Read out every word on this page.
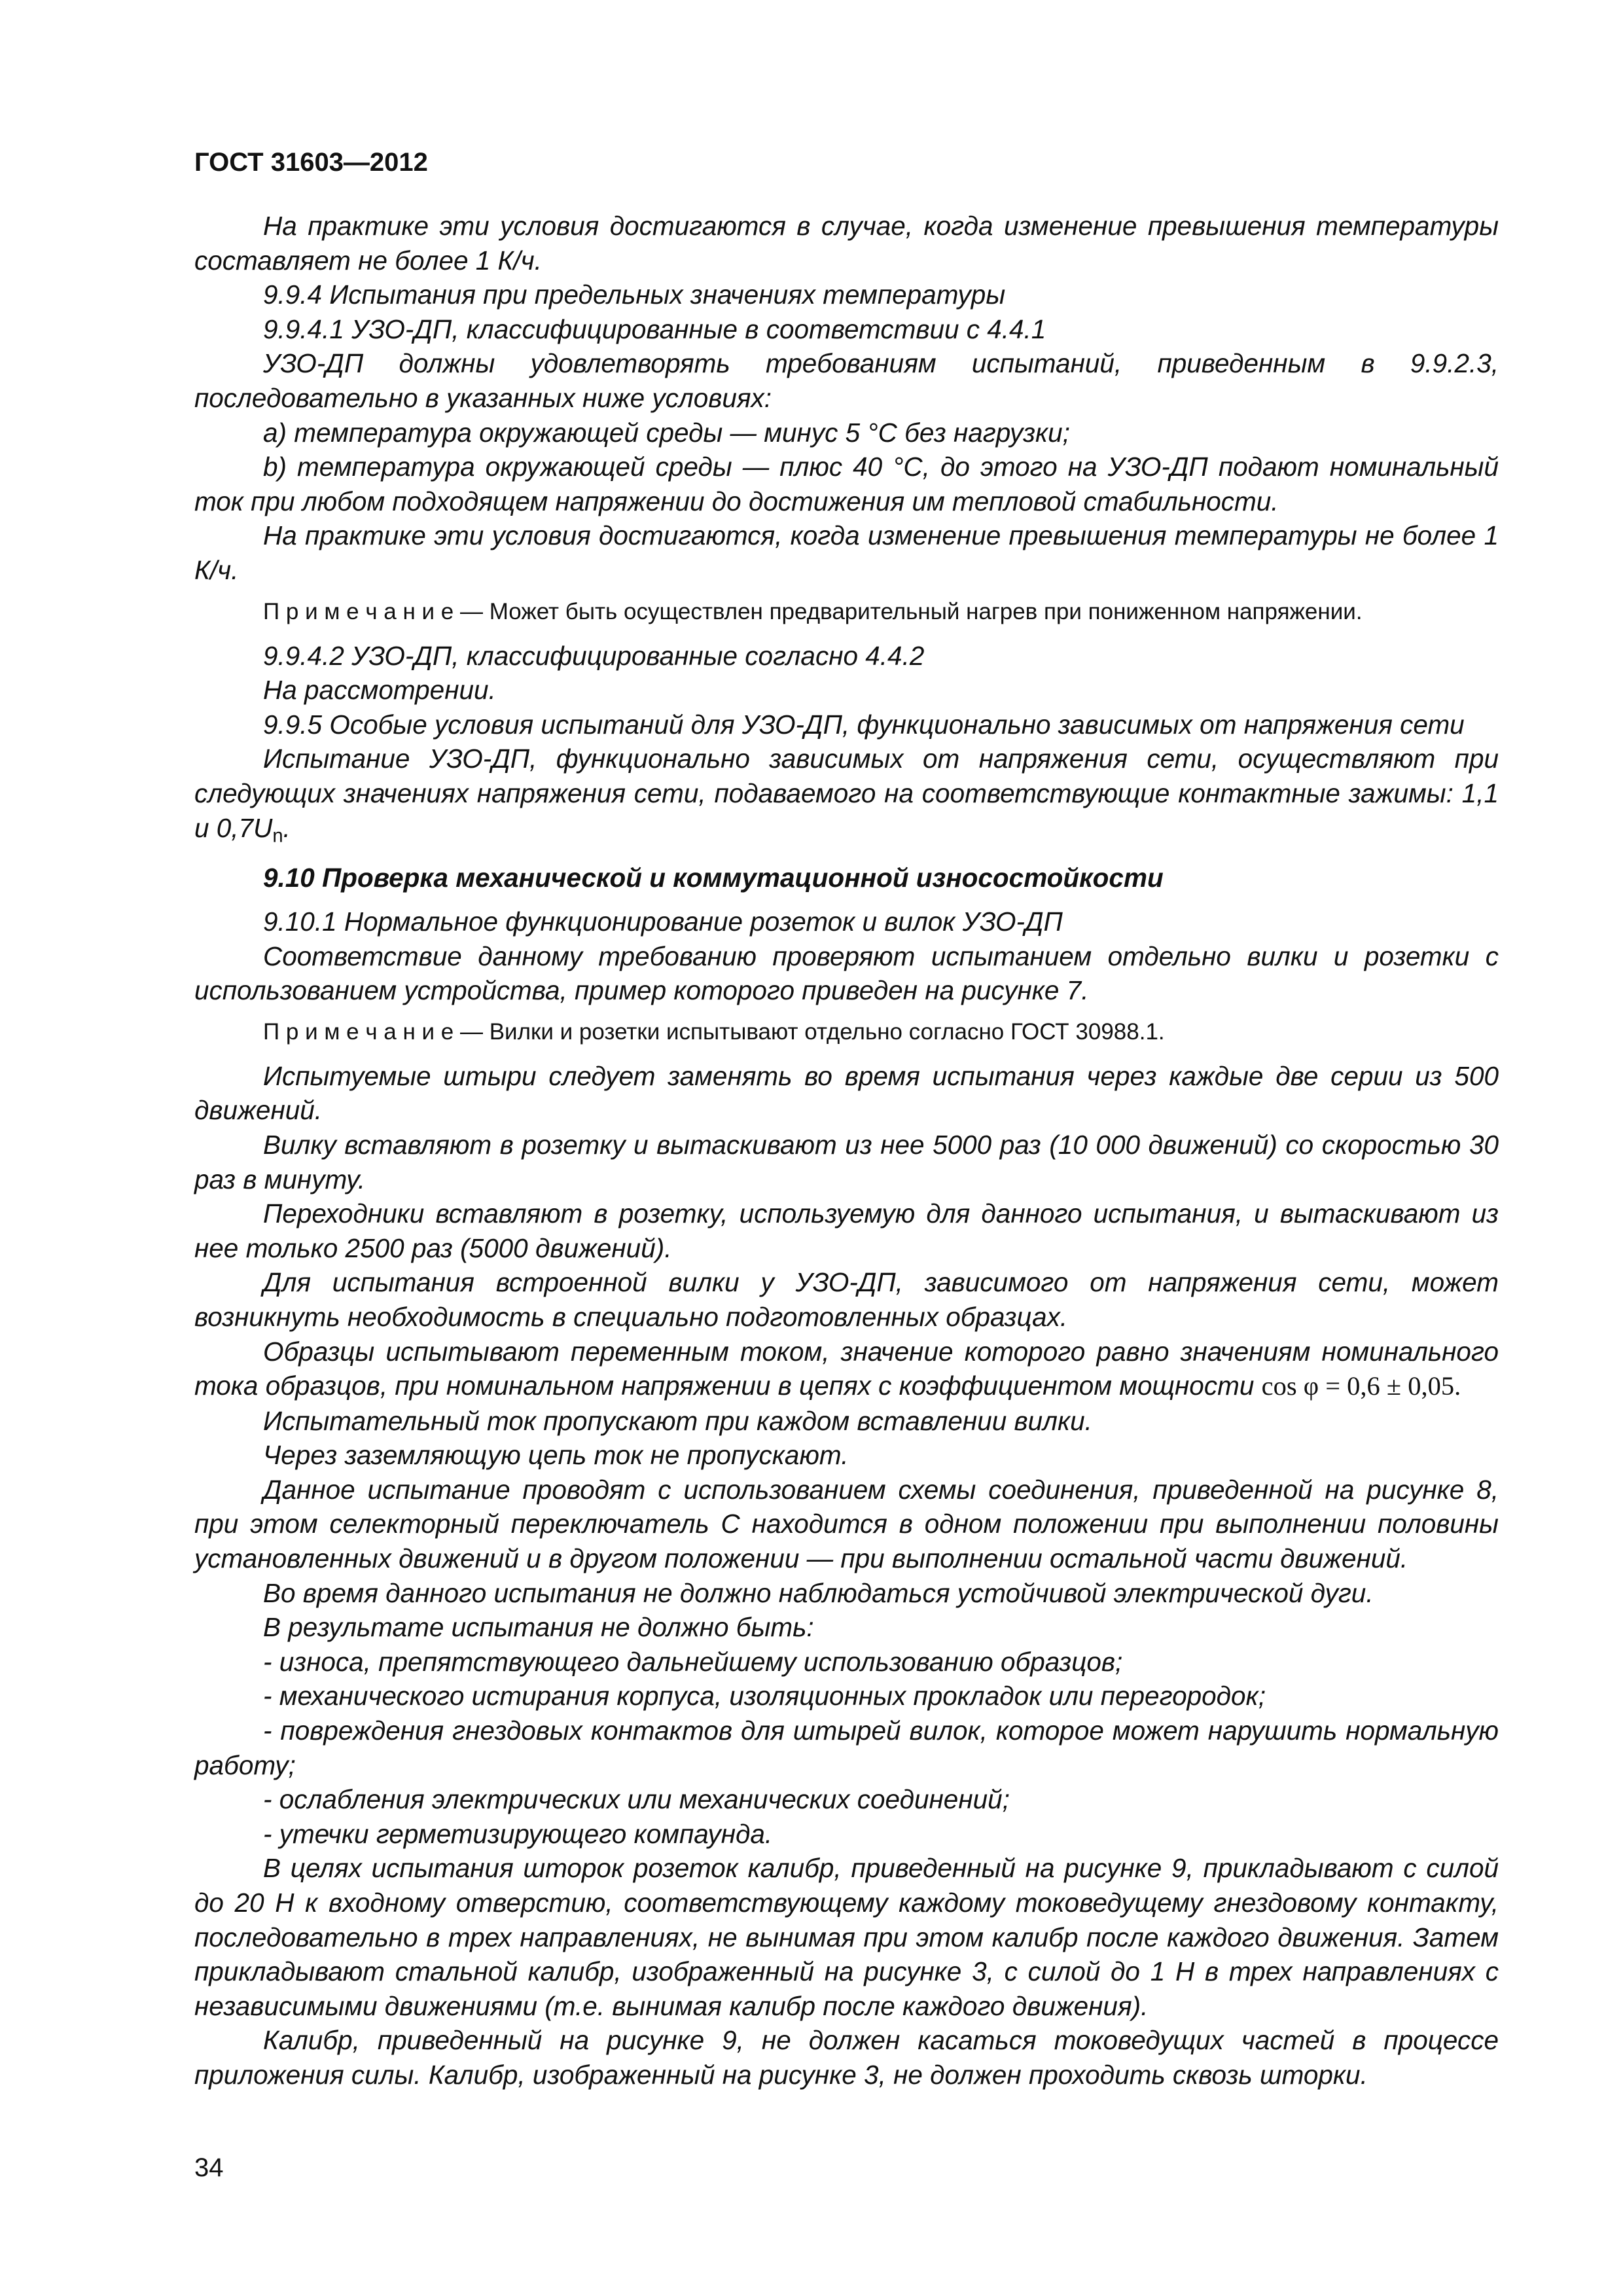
ГОСТ 31603—2012

На практике эти условия достигаются в случае, когда изменение превышения температуры составляет не более 1 К/ч.

9.9.4 Испытания при предельных значениях температуры

9.9.4.1 УЗО-ДП, классифицированные в соответствии с 4.4.1

УЗО-ДП должны удовлетворять требованиям испытаний, приведенным в 9.9.2.3, последовательно в указанных ниже условиях:

a) температура окружающей среды — минус 5 °С без нагрузки;

b) температура окружающей среды — плюс 40 °С, до этого на УЗО-ДП подают номинальный ток при любом подходящем напряжении до достижения им тепловой стабильности.

На практике эти условия достигаются, когда изменение превышения температуры не более 1 К/ч.

П р и м е ч а н и е — Может быть осуществлен предварительный нагрев при пониженном напряжении.

9.9.4.2 УЗО-ДП, классифицированные согласно 4.4.2

На рассмотрении.

9.9.5 Особые условия испытаний для УЗО-ДП, функционально зависимых от напряжения сети

Испытание УЗО-ДП, функционально зависимых от напряжения сети, осуществляют при следующих значениях напряжения сети, подаваемого на соответствующие контактные зажимы: 1,1 и $0,7U_n$.

9.10 Проверка механической и коммутационной износостойкости

9.10.1 Нормальное функционирование розеток и вилок УЗО-ДП

Соответствие данному требованию проверяют испытанием отдельно вилки и розетки с использованием устройства, пример которого приведен на рисунке 7.

П р и м е ч а н и е — Вилки и розетки испытывают отдельно согласно ГОСТ 30988.1.

Испытуемые штыри следует заменять во время испытания через каждые две серии из 500 движений.

Вилку вставляют в розетку и вытаскивают из нее 5000 раз (10 000 движений) со скоростью 30 раз в минуту.

Переходники вставляют в розетку, используемую для данного испытания, и вытаскивают из нее только 2500 раз (5000 движений).

Для испытания встроенной вилки у УЗО-ДП, зависимого от напряжения сети, может возникнуть необходимость в специально подготовленных образцах.

Образцы испытывают переменным током, значение которого равно значениям номинального тока образцов, при номинальном напряжении в цепях с коэффициентом мощности cos φ = 0,6 ± 0,05.

Испытательный ток пропускают при каждом вставлении вилки.

Через заземляющую цепь ток не пропускают.

Данное испытание проводят с использованием схемы соединения, приведенной на рисунке 8, при этом селекторный переключатель С находится в одном положении при выполнении половины установленных движений и в другом положении — при выполнении остальной части движений.

Во время данного испытания не должно наблюдаться устойчивой электрической дуги.

В результате испытания не должно быть:

- износа, препятствующего дальнейшему использованию образцов;

- механического истирания корпуса, изоляционных прокладок или перегородок;

- повреждения гнездовых контактов для штырей вилок, которое может нарушить нормальную работу;

- ослабления электрических или механических соединений;

- утечки герметизирующего компаунда.

В целях испытания шторок розеток калибр, приведенный на рисунке 9, прикладывают с силой до 20 Н к входному отверстию, соответствующему каждому токоведущему гнездовому контакту, последовательно в трех направлениях, не вынимая при этом калибр после каждого движения. Затем прикладывают стальной калибр, изображенный на рисунке 3, с силой до 1 Н в трех направлениях с независимыми движениями (т.е. вынимая калибр после каждого движения).

Калибр, приведенный на рисунке 9, не должен касаться токоведущих частей в процессе приложения силы. Калибр, изображенный на рисунке 3, не должен проходить сквозь шторки.

34
